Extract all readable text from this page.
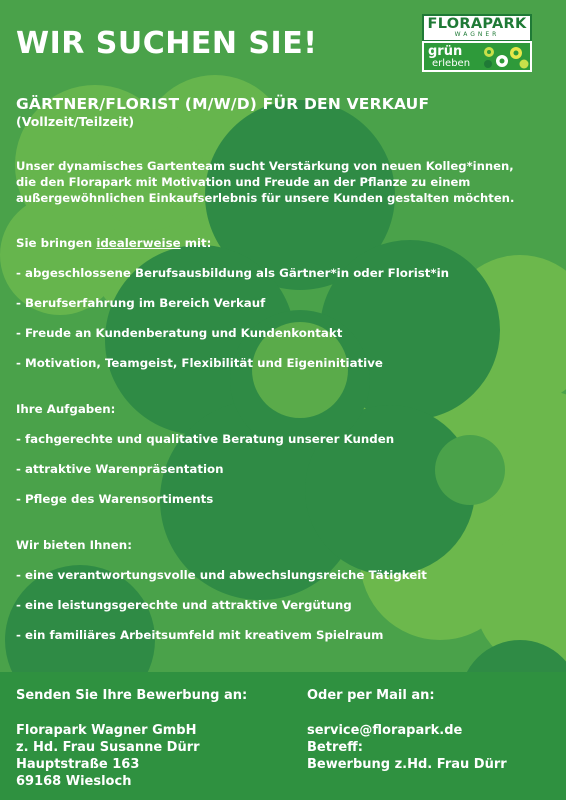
WIR SUCHEN SIE!
FLORAPARK
WAGNER
grün
erleben
GÄRTNER/FLORIST (M/W/D) FÜR DEN VERKAUF
(Vollzeit/Teilzeit)
Unser dynamisches Gartenteam sucht Verstärkung von neuen Kolleg*innen,
die den Florapark mit Motivation und Freude an der Pflanze zu einem
außergewöhnlichen Einkaufserlebnis für unsere Kunden gestalten möchten.
Sie bringen idealerweise mit:
- abgeschlossene Berufsausbildung als Gärtner*in oder Florist*in
- Berufserfahrung im Bereich Verkauf
- Freude an Kundenberatung und Kundenkontakt
- Motivation, Teamgeist, Flexibilität und Eigeninitiative
Ihre Aufgaben:
- fachgerechte und qualitative Beratung unserer Kunden
- attraktive Warenpräsentation
- Pflege des Warensortiments
Wir bieten Ihnen:
- eine verantwortungsvolle und abwechslungsreiche Tätigkeit
- eine leistungsgerechte und attraktive Vergütung
- ein familiäres Arbeitsumfeld mit kreativem Spielraum
Senden Sie Ihre Bewerbung an:
Florapark Wagner GmbH
z. Hd. Frau Susanne Dürr
Hauptstraße 163
69168 Wiesloch
Oder per Mail an:
service@florapark.de
Betreff:
Bewerbung z.Hd. Frau Dürr
